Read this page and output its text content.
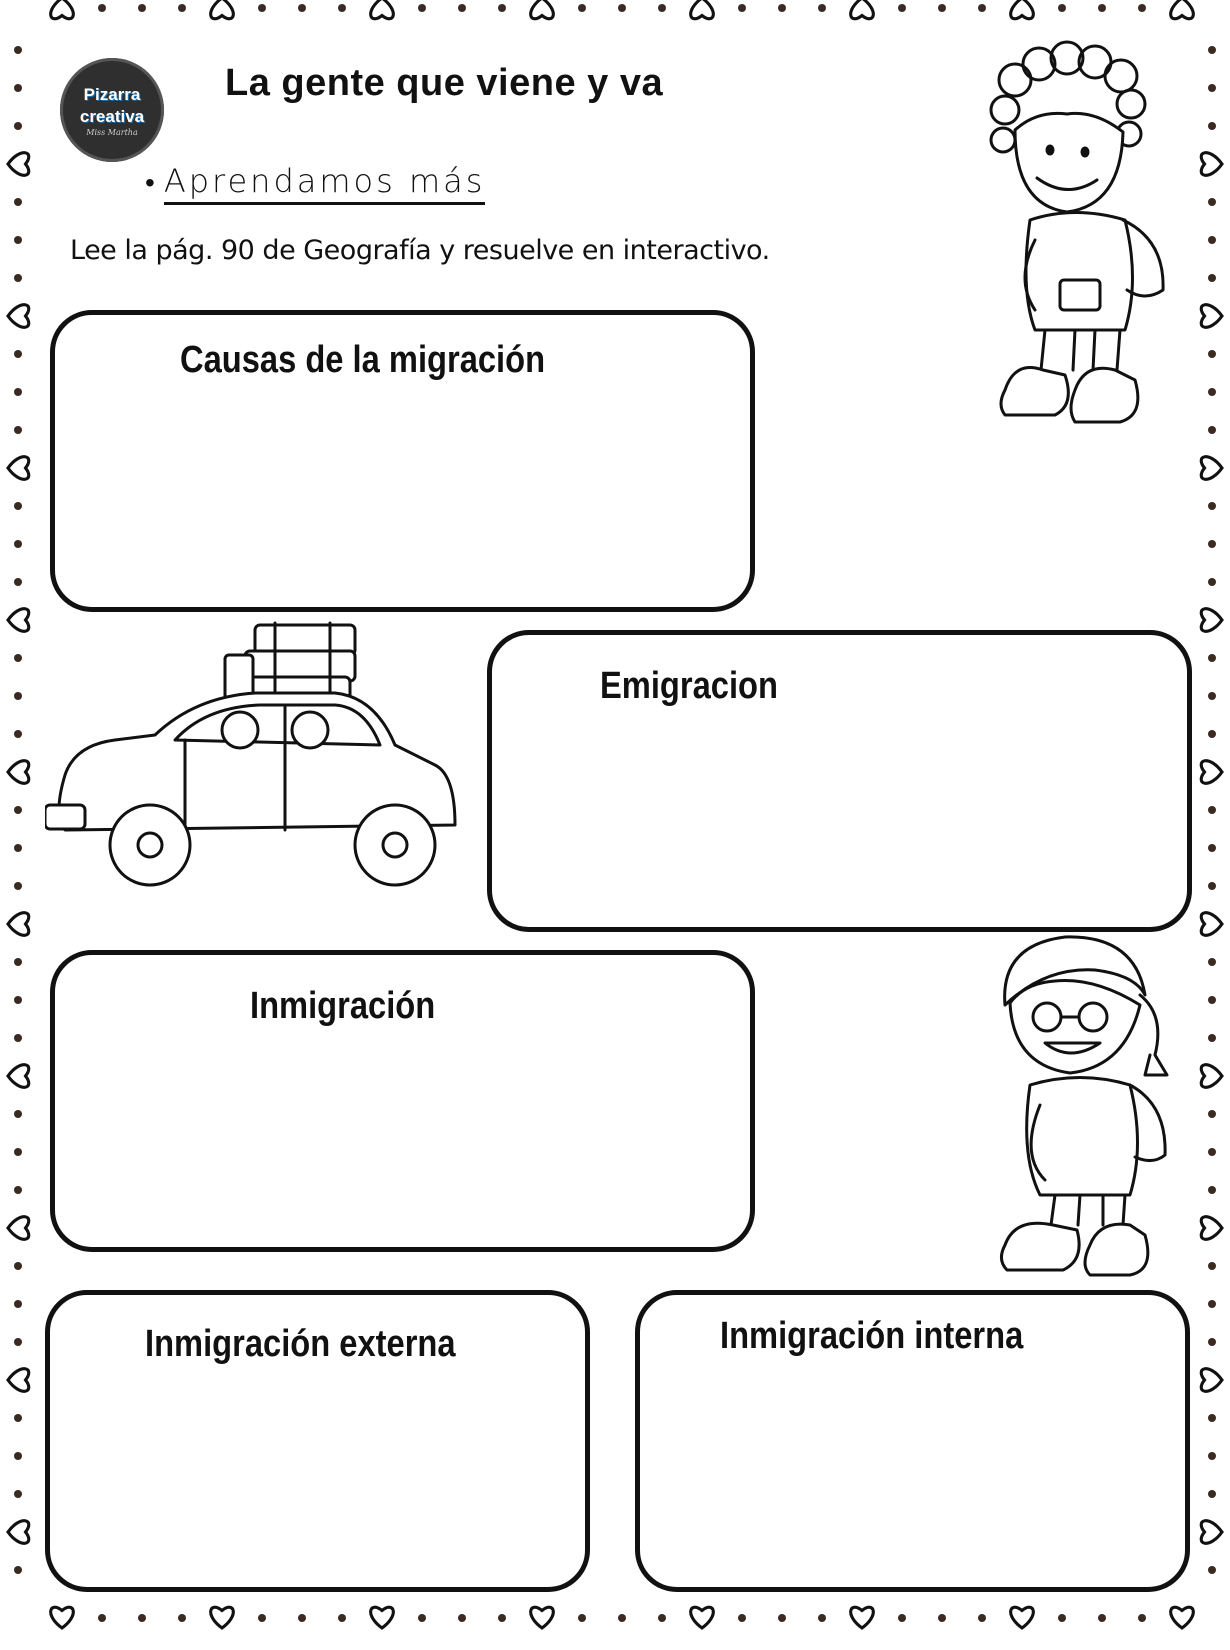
Pizarra
creativa
Miss Martha
La gente que viene y va
• Aprendamos más
Lee la pág. 90 de Geografía y resuelve en interactivo.
Causas de la migración
Emigracion
Inmigración
Inmigración externa	Inmigración interna
